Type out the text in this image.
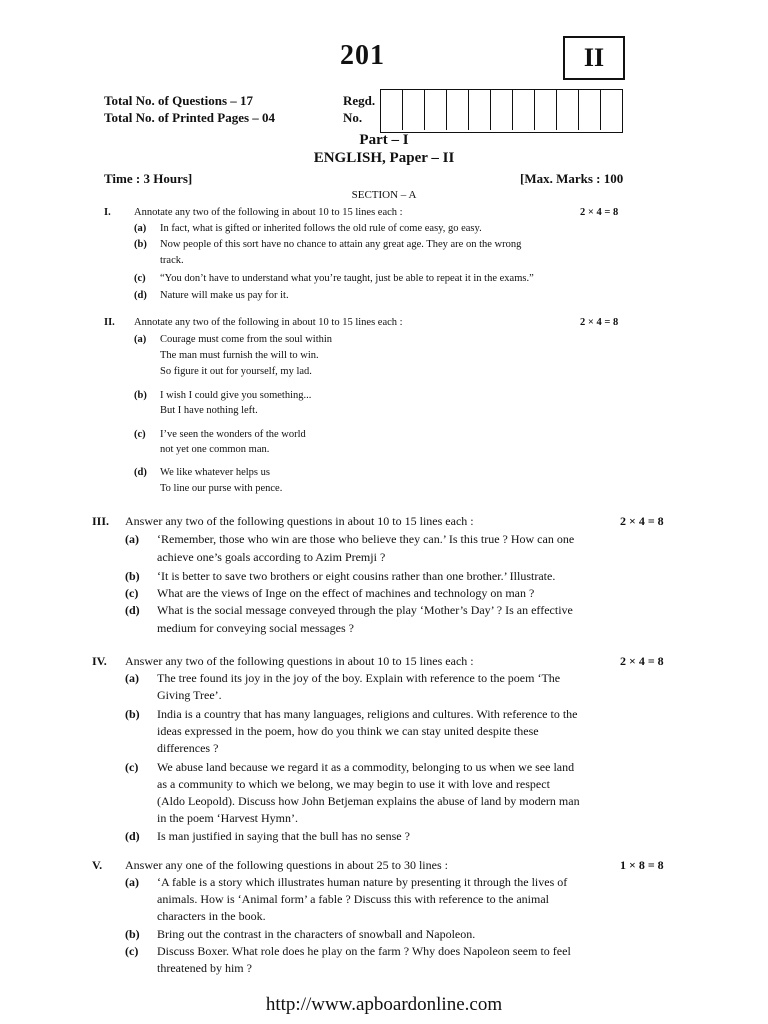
201	II
Total No. of Questions – 17
Total No. of Printed Pages – 04
Regd.
No.
Part – I
ENGLISH, Paper – II
Time : 3 Hours]	[Max. Marks : 100
SECTION – A
I. Annotate any two of the following in about 10 to 15 lines each :	2 × 4 = 8
(a) In fact, what is gifted or inherited follows the old rule of come easy, go easy.
(b) Now people of this sort have no chance to attain any great age. They are on the wrong
track.
(c) “You don’t have to understand what you’re taught, just be able to repeat it in the exams.”
(d) Nature will make us pay for it.
II. Annotate any two of the following in about 10 to 15 lines each :	2 × 4 = 8
(a) Courage must come from the soul within
The man must furnish the will to win.
So figure it out for yourself, my lad.
(b) I wish I could give you something...
But I have nothing left.
(c) I’ve seen the wonders of the world
not yet one common man.
(d) We like whatever helps us
To line our purse with pence.
III. Answer any two of the following questions in about 10 to 15 lines each :	2 × 4 = 8
(a) ‘Remember, those who win are those who believe they can.’ Is this true ? How can one
achieve one’s goals according to Azim Premji ?
(b) ‘It is better to save two brothers or eight cousins rather than one brother.’ Illustrate.
(c) What are the views of Inge on the effect of machines and technology on man ?
(d) What is the social message conveyed through the play ‘Mother’s Day’ ? Is an effective
medium for conveying social messages ?
IV. Answer any two of the following questions in about 10 to 15 lines each :	2 × 4 = 8
(a) The tree found its joy in the joy of the boy. Explain with reference to the poem ‘The
Giving Tree’.
(b) India is a country that has many languages, religions and cultures. With reference to the
ideas expressed in the poem, how do you think we can stay united despite these
differences ?
(c) We abuse land because we regard it as a commodity, belonging to us when we see land
as a community to which we belong, we may begin to use it with love and respect
(Aldo Leopold). Discuss how John Betjeman explains the abuse of land by modern man
in the poem ‘Harvest Hymn’.
(d) Is man justified in saying that the bull has no sense ?
V. Answer any one of the following questions in about 25 to 30 lines :	1 × 8 = 8
(a) ‘A fable is a story which illustrates human nature by presenting it through the lives of
animals. How is ‘Animal form’ a fable ? Discuss this with reference to the animal
characters in the book.
(b) Bring out the contrast in the characters of snowball and Napoleon.
(c) Discuss Boxer. What role does he play on the farm ? Why does Napoleon seem to feel
threatened by him ?
http://www.apboardonline.com
